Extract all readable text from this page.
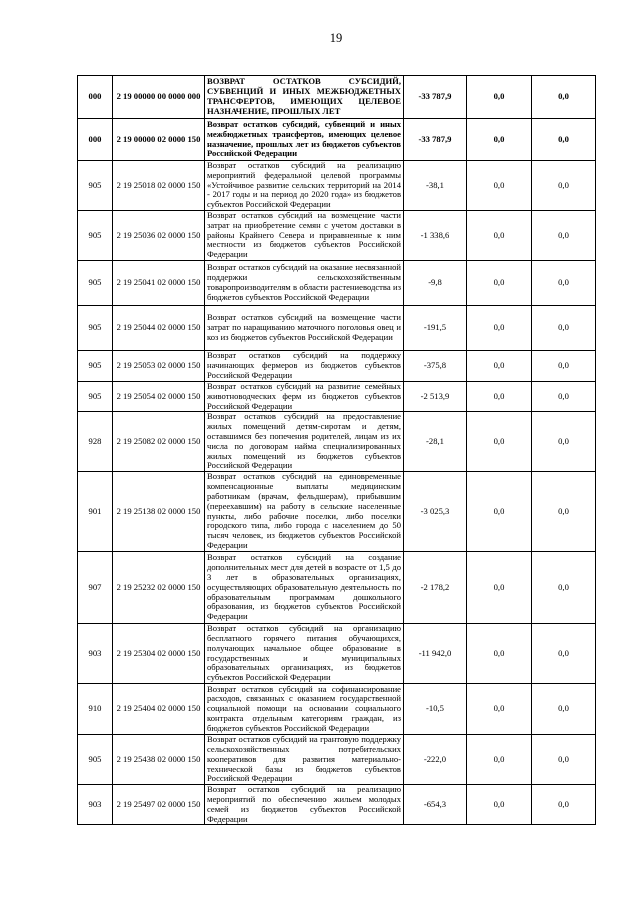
19
000	2 19 00000 00 0000 000	ВОЗВРАТ ОСТАТКОВ СУБСИДИЙ, СУБВЕНЦИЙ И ИНЫХ МЕЖБЮДЖЕТНЫХ ТРАНСФЕРТОВ, ИМЕЮЩИХ ЦЕЛЕВОЕ НАЗНАЧЕНИЕ, ПРОШЛЫХ ЛЕТ	-33 787,9	0,0	0,0
000	2 19 00000 02 0000 150	Возврат остатков субсидий, субвенций и иных межбюджетных трансфертов, имеющих целевое назначение, прошлых лет из бюджетов субъектов Российской Федерации	-33 787,9	0,0	0,0
905	2 19 25018 02 0000 150	Возврат остатков субсидий на реализацию мероприятий федеральной целевой программы «Устойчивое развитие сельских территорий на 2014 - 2017 годы и на период до 2020 года» из бюджетов субъектов Российской Федерации	-38,1	0,0	0,0
905	2 19 25036 02 0000 150	Возврат остатков субсидий на возмещение части затрат на приобретение семян с учетом доставки в районы Крайнего Севера и приравненные к ним местности из бюджетов субъектов Российской Федерации	-1 338,6	0,0	0,0
905	2 19 25041 02 0000 150	Возврат остатков субсидий на оказание несвязанной поддержки сельскохозяйственным товаропроизводителям в области растениеводства из бюджетов субъектов Российской Федерации	-9,8	0,0	0,0
905	2 19 25044 02 0000 150	Возврат остатков субсидий на возмещение части затрат по наращиванию маточного поголовья овец и коз из бюджетов субъектов Российской Федерации	-191,5	0,0	0,0
905	2 19 25053 02 0000 150	Возврат остатков субсидий на поддержку начинающих фермеров из бюджетов субъектов Российской Федерации	-375,8	0,0	0,0
905	2 19 25054 02 0000 150	Возврат остатков субсидий на развитие семейных животноводческих ферм из бюджетов субъектов Российской Федерации	-2 513,9	0,0	0,0
928	2 19 25082 02 0000 150	Возврат остатков субсидий на предоставление жилых помещений детям-сиротам и детям, оставшимся без попечения родителей, лицам из их числа по договорам найма специализированных жилых помещений из бюджетов субъектов Российской Федерации	-28,1	0,0	0,0
901	2 19 25138 02 0000 150	Возврат остатков субсидий на единовременные компенсационные выплаты медицинским работникам (врачам, фельдшерам), прибывшим (переехавшим) на работу в сельские населенные пункты, либо рабочие поселки, либо поселки городского типа, либо города с населением до 50 тысяч человек, из бюджетов субъектов Российской Федерации	-3 025,3	0,0	0,0
907	2 19 25232 02 0000 150	Возврат остатков субсидий на создание дополнительных мест для детей в возрасте от 1,5 до 3 лет в образовательных организациях, осуществляющих образовательную деятельность по образовательным программам дошкольного образования, из бюджетов субъектов Российской Федерации	-2 178,2	0,0	0,0
903	2 19 25304 02 0000 150	Возврат остатков субсидий на организацию бесплатного горячего питания обучающихся, получающих начальное общее образование в государственных и муниципальных образовательных организациях, из бюджетов субъектов Российской Федерации	-11 942,0	0,0	0,0
910	2 19 25404 02 0000 150	Возврат остатков субсидий на софинансирование расходов, связанных с оказанием государственной социальной помощи на основании социального контракта отдельным категориям граждан, из бюджетов субъектов Российской Федерации	-10,5	0,0	0,0
905	2 19 25438 02 0000 150	Возврат остатков субсидий на грантовую поддержку сельскохозяйственных потребительских кооперативов для развития материально-технической базы из бюджетов субъектов Российской Федерации	-222,0	0,0	0,0
903	2 19 25497 02 0000 150	Возврат остатков субсидий на реализацию мероприятий по обеспечению жильем молодых семей из бюджетов субъектов Российской Федерации	-654,3	0,0	0,0
